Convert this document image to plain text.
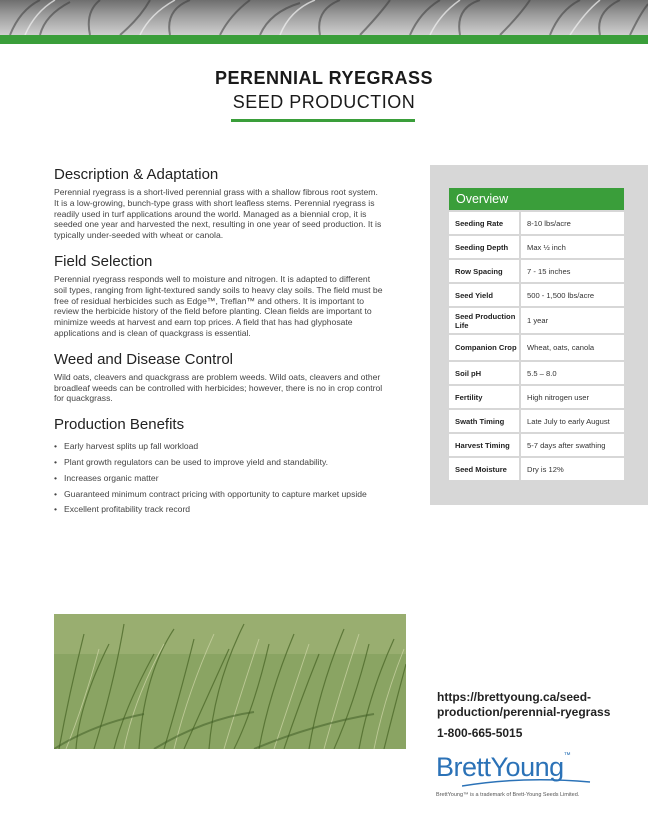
PERENNIAL RYEGRASS
SEED PRODUCTION
Description & Adaptation

Perennial ryegrass is a short-lived perennial grass with a shallow fibrous root system. It is a low-growing, bunch-type grass with short leafless stems. Perennial ryegrass is readily used in turf applications around the world. Managed as a biennial crop, it is seeded one year and harvested the next, resulting in one year of seed production. It is typically under-seeded with wheat or canola.

Field Selection

Perennial ryegrass responds well to moisture and nitrogen. It is adapted to different soil types, ranging from light-textured sandy soils to heavy clay soils. The field must be free of residual herbicides such as Edge™, Treflan™ and others. It is important to review the herbicide history of the field before planting. Clean fields are important to minimize weeds at harvest and earn top prices. A field that has had glyphosate applications and is clean of quackgrass is essential.

Weed and Disease Control

Wild oats, cleavers and quackgrass are problem weeds. Wild oats, cleavers and other broadleaf weeds can be controlled with herbicides; however, there is no in crop control for quackgrass.

Production Benefits
• Early harvest splits up fall workload
• Plant growth regulators can be used to improve yield and standability.
• Increases organic matter
• Guaranteed minimum contract pricing with opportunity to capture market upside
• Excellent profitability track record
Overview
Seeding Rate	8-10 lbs/acre
Seeding Depth	Max ½ inch
Row Spacing	7 - 15 inches
Seed Yield	500 - 1,500 lbs/acre
Seed Production Life	1 year
Companion Crop	Wheat, oats, canola
Soil pH	5.5 – 8.0
Fertility	High nitrogen user
Swath Timing	Late July to early August
Harvest Timing	5-7 days after swathing
Seed Moisture	Dry is 12%
https://brettyoung.ca/seed-
production/perennial-ryegrass
1-800-665-5015
BrettYoung™
BrettYoung™ is a trademark of Brett-Young Seeds Limited.
